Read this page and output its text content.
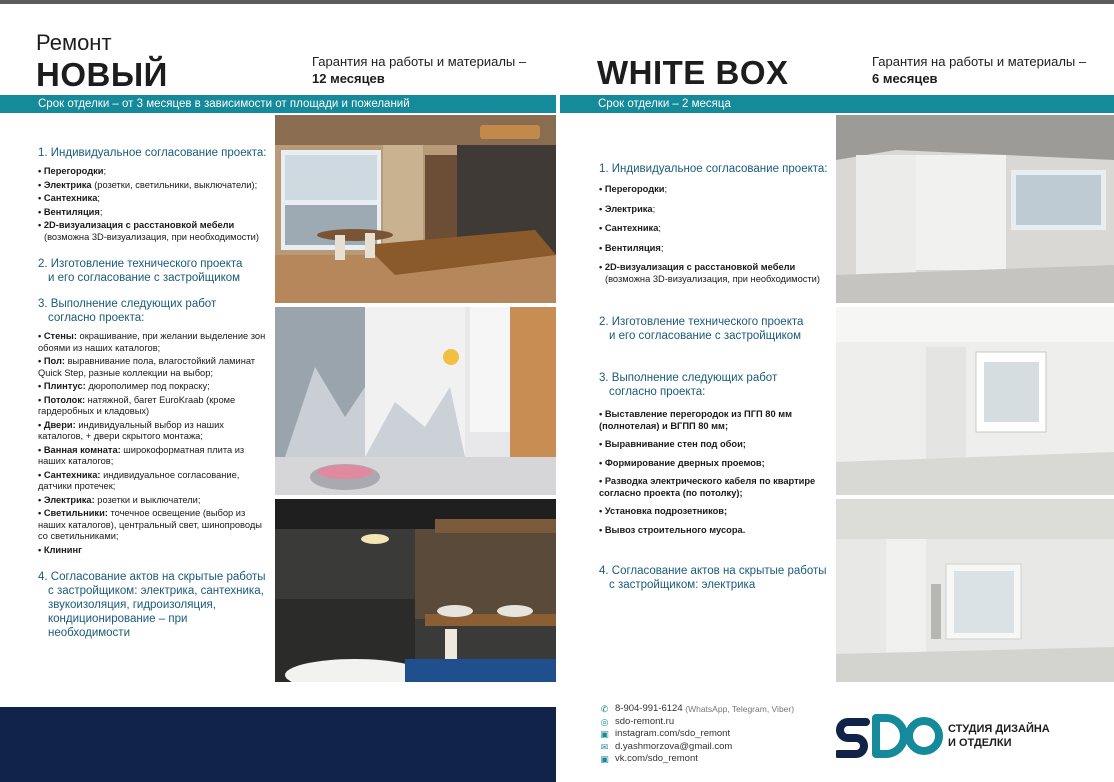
Ремонт
НОВЫЙ	Гарантия на работы и материалы –
12 месяцев	WHITE BOX	Гарантия на работы и материалы –
6 месяцев
Срок отделки – от 3 месяцев в зависимости от площади и пожеланий	Срок отделки – 2 месяца
1. Индивидуальное согласование проекта:
• Перегородки;
• Электрика (розетки, светильники, выключатели);
• Сантехника;
• Вентиляция;
• 2D-визуализация с расстановкой мебели
(возможна 3D-визуализация, при необходимости)
2. Изготовление технического проекта
и его согласование с застройщиком
3. Выполнение следующих работ
согласно проекта:
• Стены: окрашивание, при желании выделение зон обоями из наших каталогов;
• Пол: выравнивание пола, влагостойкий ламинат Quick Step, разные коллекции на выбор;
• Плинтус: дюрополимер под покраску;
• Потолок: натяжной, багет EuroKraab (кроме гардеробных и кладовых)
• Двери: индивидуальный выбор из наших каталогов, + двери скрытого монтажа;
• Ванная комната: широкоформатная плита из наших каталогов;
• Сантехника: индивидуальное согласование, датчики протечек;
• Электрика: розетки и выключатели;
• Светильники: точечное освещение (выбор из наших каталогов), центральный свет, шинопроводы со светильниками;
• Клининг
4. Согласование актов на скрытые работы
с застройщиком: электрика, сантехника,
звукоизоляция, гидроизоляция,
кондиционирование – при необходимости
1. Индивидуальное согласование проекта:
• Перегородки;
• Электрика;
• Сантехника;
• Вентиляция;
• 2D-визуализация с расстановкой мебели
(возможна 3D-визуализация, при необходимости)
2. Изготовление технического проекта
и его согласование с застройщиком
3. Выполнение следующих работ
согласно проекта:
• Выставление перегородок из ПГП 80 мм (полнотелая) и ВГПП 80 мм;
• Выравнивание стен под обои;
• Формирование дверных проемов;
• Разводка электрического кабеля по квартире согласно проекта (по потолку);
• Установка подрозетников;
• Вывоз строительного мусора.
4. Согласование актов на скрытые работы
с застройщиком: электрика
✆ 8-904-991-6124
(WhatsApp, Telegram, Viber)
◎ sdo-remont.ru
▣ instagram.com/sdo_remont
✉ d.yashmorzova@gmail.com
▣ vk.com/sdo_remont
СТУДИЯ ДИЗАЙНА
И ОТДЕЛКИ
